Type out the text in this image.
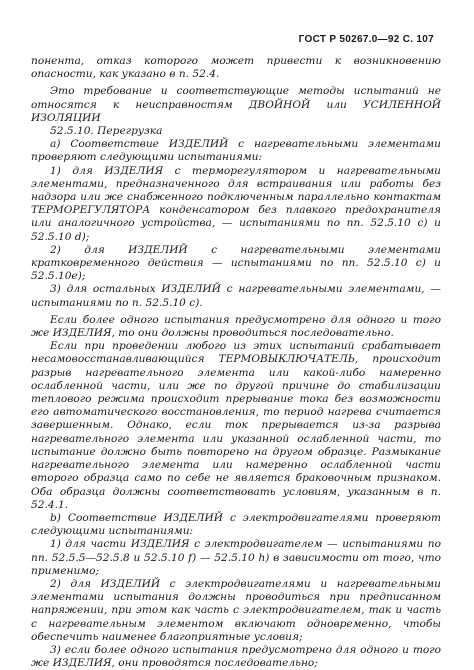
ГОСТ Р 50267.0—92 С. 107

понента, отказ которого может привести к возникновению опасности, как указано в п. 52.4.

Это требование и соответствующие методы испытаний не относятся к неисправностям ДВОЙНОЙ или УСИЛЕННОЙ ИЗОЛЯЦИИ

52.5.10. Перегрузка

а) Соответствие ИЗДЕЛИЙ с нагревательными элементами проверяют следующими испытаниями:

1) для ИЗДЕЛИЯ с терморегулятором и нагревательными элементами, предназначенного для встраивания или работы без надзора или же снабженного подключенным параллельно контактам ТЕРМОРЕГУЛЯТОРА конденсатором без плавкого предохранителя или аналогичного устройства, — испытаниями по пп. 52.5.10 с) и 52.5.10 d);

2) для ИЗДЕЛИЙ с нагревательными элементами кратковременного действия — испытаниями по пп. 52.5.10 с) и 52.5.10е);

3) для остальных ИЗДЕЛИЙ с нагревательными элементами, — испытаниями по п. 52.5.10 с).

Если более одного испытания предусмотрено для одного и того же ИЗДЕЛИЯ, то они должны проводиться последовательно.

Если при проведении любого из этих испытаний срабатывает несамовосстанавливающийся ТЕРМОВЫКЛЮЧАТЕЛЬ, происходит разрыв нагревательного элемента или какой-либо намеренно ослабленной части, или же по другой причине до стабилизации теплового режима происходит прерывание тока без возможности его автоматического восстановления, то период нагрева считается завершенным. Однако, если ток прерывается из-за разрыва нагревательного элемента или указанной ослабленной части, то испытание должно быть повторено на другом образце. Размыкание нагревательного элемента или намеренно ослабленной части второго образца само по себе не является браковочным признаком. Оба образца должны соответствовать условиям, указанным в п. 52.4.1.

b) Соответствие ИЗДЕЛИЙ с электродвигателями проверяют следующими испытаниями:

1) для части ИЗДЕЛИЯ с электродвигателем — испытаниями по пп. 52.5.5—52.5.8 и 52.5.10 f) — 52.5.10 h) в зависимости от того, что применимо;

2) для ИЗДЕЛИЙ с электродвигателями и нагревательными элементами испытания должны проводиться при предписанном напряжении, при этом как часть с электродвигателем, так и часть с нагревательным элементом включают одновременно, чтобы обеспечить наименее благоприятные условия;

3) если более одного испытания предусмотрено для одного и того же ИЗДЕЛИЯ, они проводятся последовательно;
